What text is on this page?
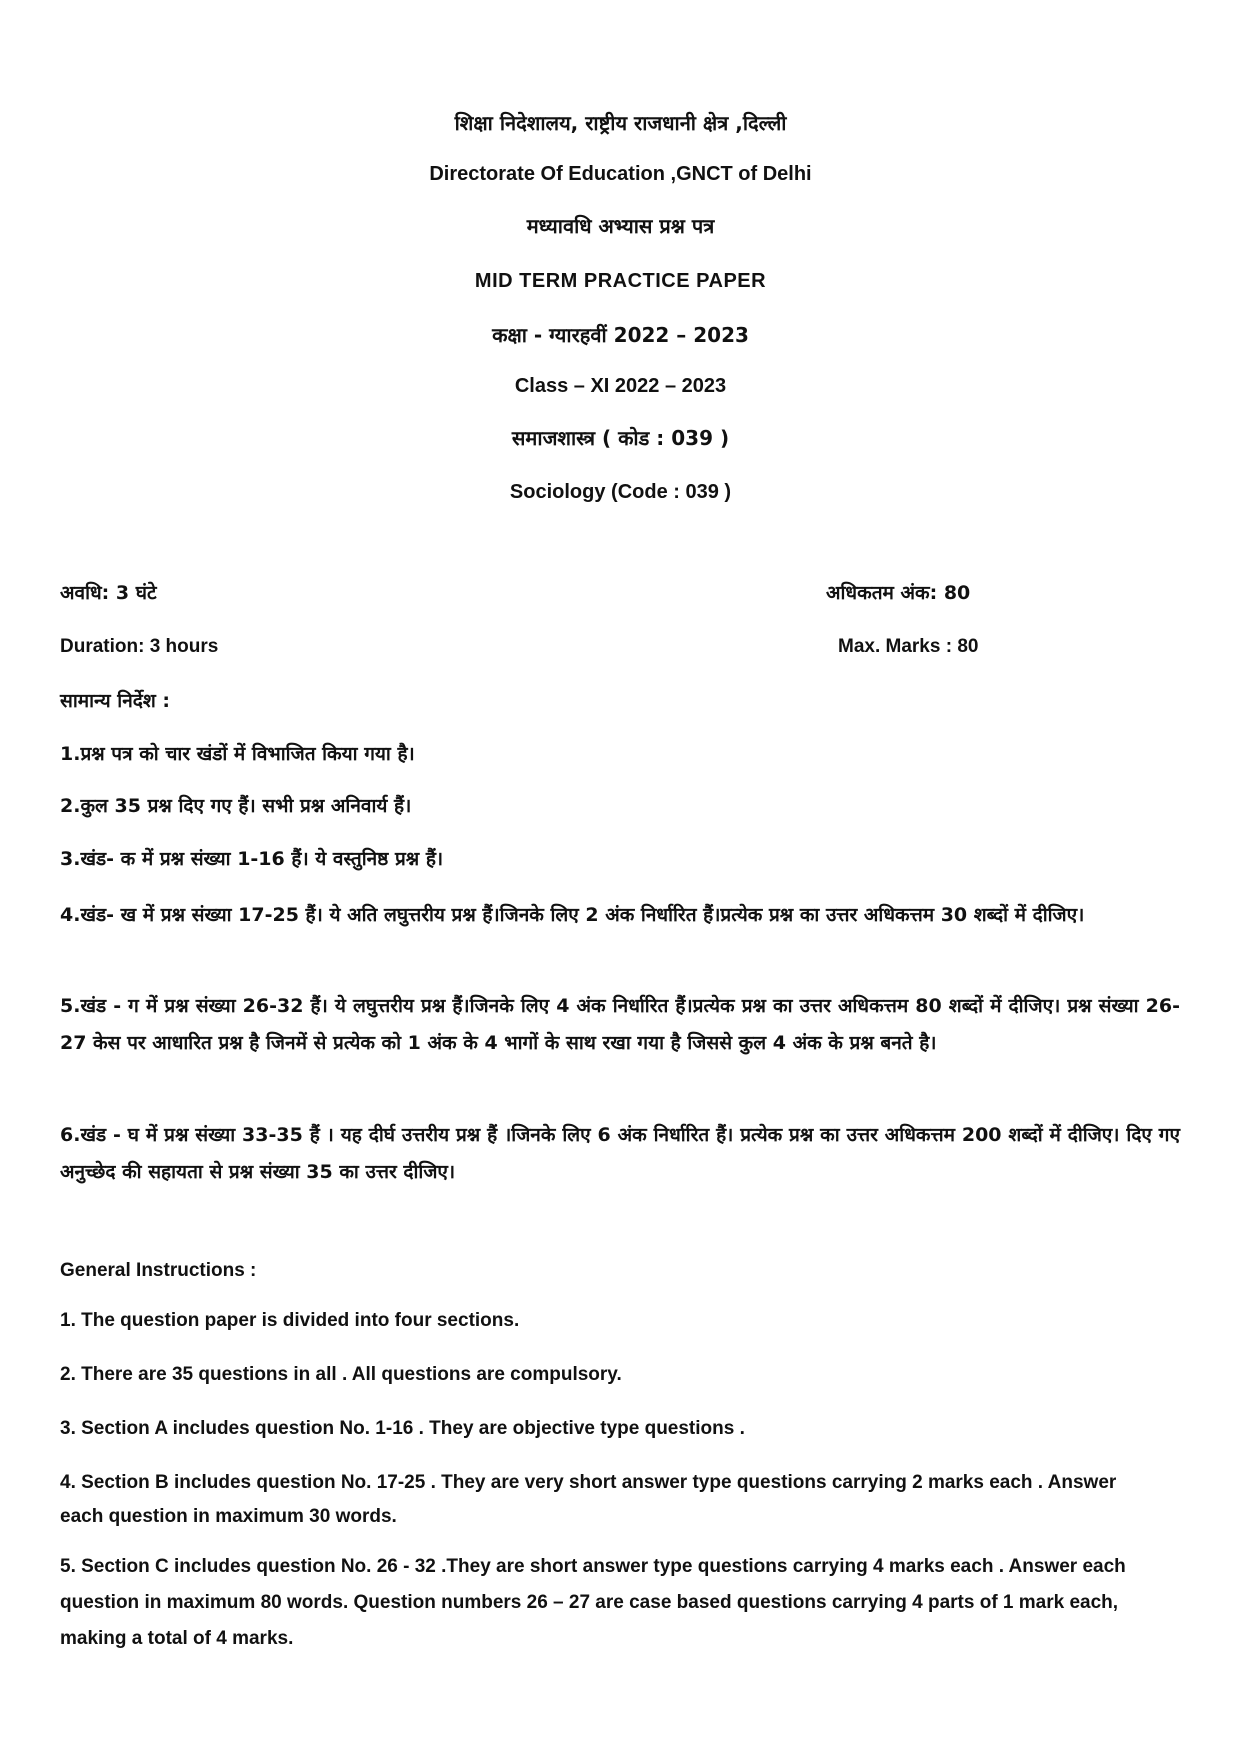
शिक्षा निदेशालय, राष्ट्रीय राजधानी क्षेत्र ,दिल्ली
Directorate Of Education ,GNCT of Delhi
मध्यावधि अभ्यास प्रश्न पत्र
MID TERM PRACTICE PAPER
कक्षा - ग्यारहवीं 2022 – 2023
Class – XI 2022 – 2023
समाजशास्त्र ( कोड : 039 )
Sociology (Code : 039 )
अवधि: 3 घंटे	अधिकतम अंक: 80
Duration: 3 hours	Max. Marks : 80
सामान्य निर्देश :
1.प्रश्न पत्र को चार खंडों में विभाजित किया गया है।
2.कुल 35 प्रश्न दिए गए हैं। सभी प्रश्न अनिवार्य हैं।
3.खंड- क में प्रश्न संख्या 1-16 हैं। ये वस्तुनिष्ठ प्रश्न हैं।
4.खंड- ख में प्रश्न संख्या 17-25 हैं। ये अति लघुत्तरीय प्रश्न हैं।जिनके लिए 2 अंक निर्धारित हैं।प्रत्येक प्रश्न का उत्तर अधिकत्तम 30 शब्दों में दीजिए।
5.खंड - ग में प्रश्न संख्या 26-32 हैं। ये लघुत्तरीय प्रश्न हैं।जिनके लिए 4 अंक निर्धारित हैं।प्रत्येक प्रश्न का उत्तर अधिकत्तम 80 शब्दों में दीजिए। प्रश्न संख्या 26-27 केस पर आधारित प्रश्न है जिनमें से प्रत्येक को 1 अंक के 4 भागों के साथ रखा गया है जिससे कुल 4 अंक के प्रश्न बनते है।
6.खंड - घ में प्रश्न संख्या 33-35 हैं । यह दीर्घ उत्तरीय प्रश्न हैं ।जिनके लिए 6 अंक निर्धारित हैं। प्रत्येक प्रश्न का उत्तर अधिकत्तम 200 शब्दों में दीजिए। दिए गए अनुच्छेद की सहायता से प्रश्न संख्या 35 का उत्तर दीजिए।
General Instructions :
1. The question paper is divided into four sections.
2. There are 35 questions in all . All questions are compulsory.
3. Section A includes question No. 1-16 . They are objective type questions .
4. Section B includes question No. 17-25 . They are very short answer type questions carrying 2 marks each . Answer each question in maximum 30 words.
5. Section C includes question No. 26 - 32 .They are short answer type questions carrying 4 marks each . Answer each question in maximum 80 words. Question numbers 26 – 27 are case based questions carrying 4 parts of 1 mark each, making a total of 4 marks.
